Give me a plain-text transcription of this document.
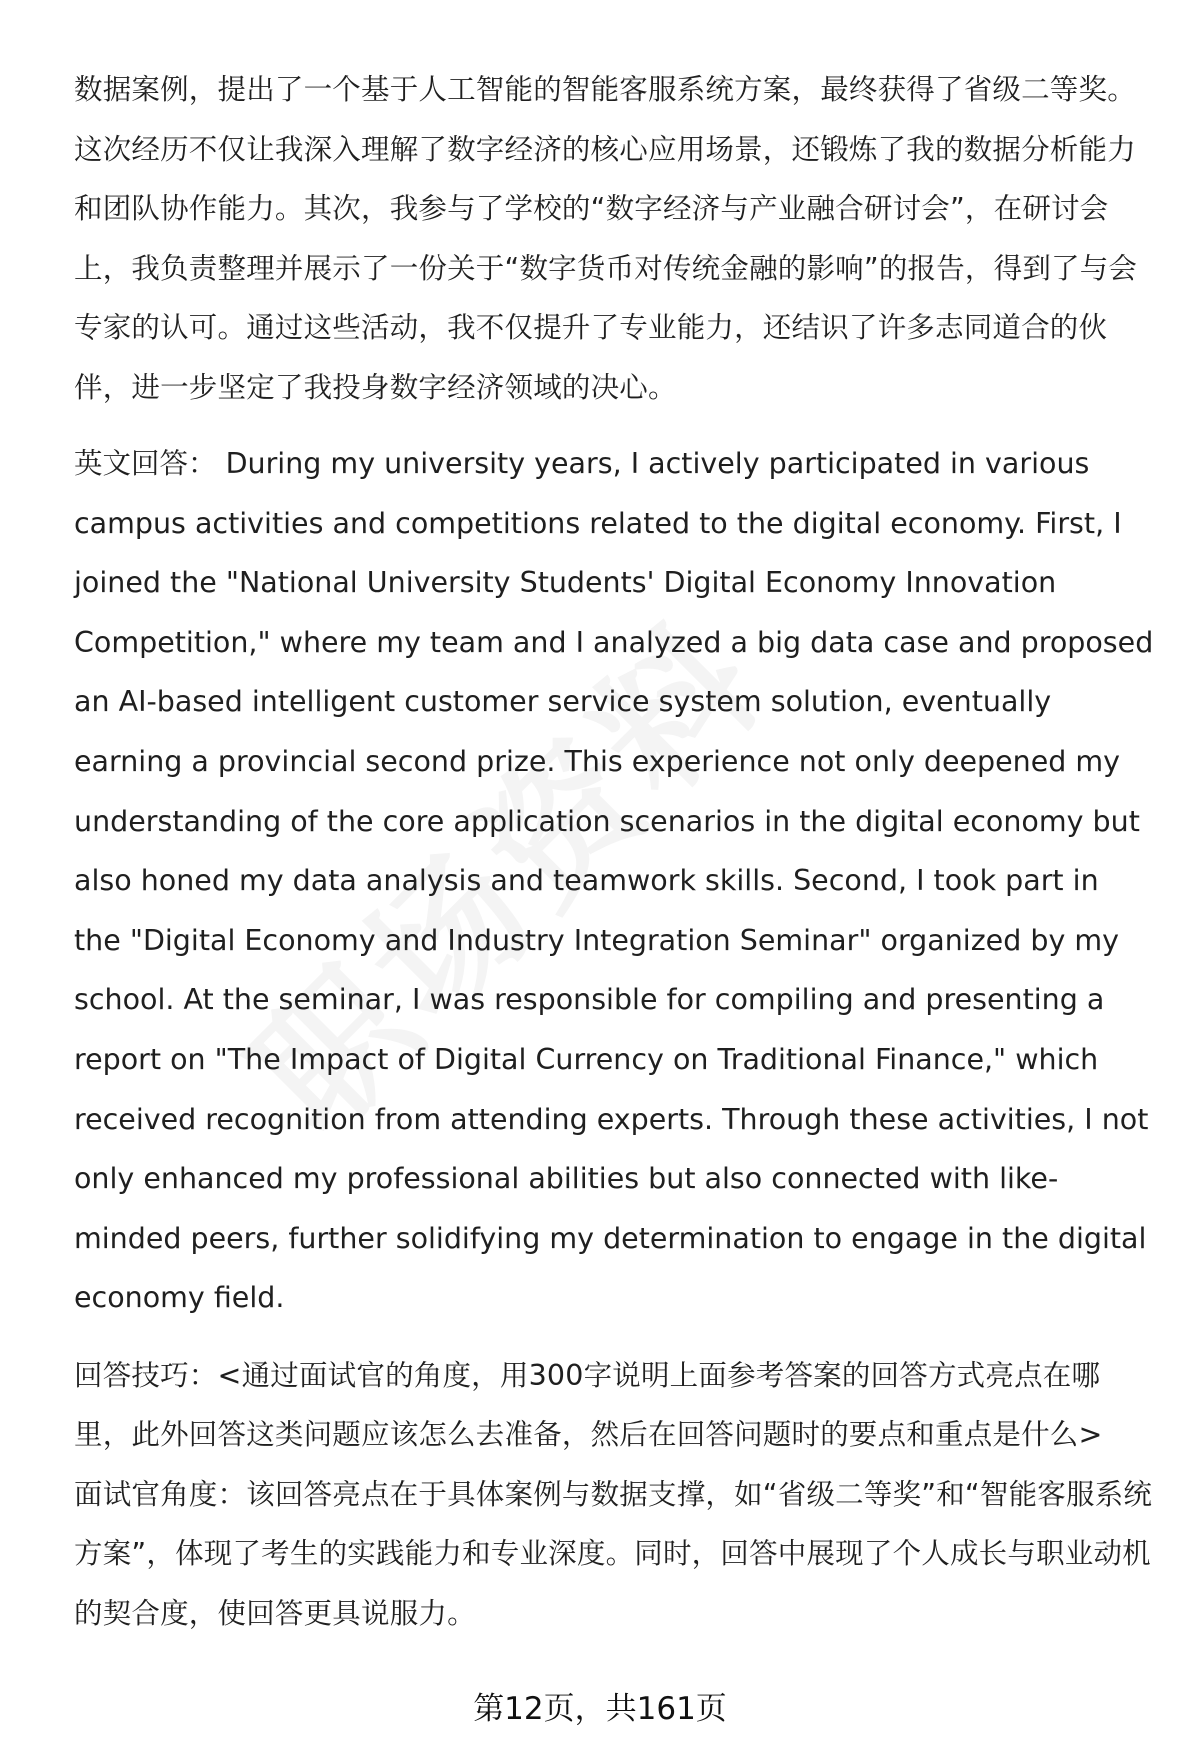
数据案例，提出了一个基于人工智能的智能客服系统方案，最终获得了省级二等奖。这次经历不仅让我深入理解了数字经济的核心应用场景，还锻炼了我的数据分析能力和团队协作能力。其次，我参与了学校的“数字经济与产业融合研讨会”，在研讨会上，我负责整理并展示了一份关于“数字货币对传统金融的影响”的报告，得到了与会专家的认可。通过这些活动，我不仅提升了专业能力，还结识了许多志同道合的伙伴，进一步坚定了我投身数字经济领域的决心。

英文回答： During my university years, I actively participated in various campus activities and competitions related to the digital economy. First, I joined the "National University Students' Digital Economy Innovation Competition," where my team and I analyzed a big data case and proposed an AI-based intelligent customer service system solution, eventually earning a provincial second prize. This experience not only deepened my understanding of the core application scenarios in the digital economy but also honed my data analysis and teamwork skills. Second, I took part in the "Digital Economy and Industry Integration Seminar" organized by my school. At the seminar, I was responsible for compiling and presenting a report on "The Impact of Digital Currency on Traditional Finance," which received recognition from attending experts. Through these activities, I not only enhanced my professional abilities but also connected with like-minded peers, further solidifying my determination to engage in the digital economy field.

回答技巧：<通过面试官的角度，用300字说明上面参考答案的回答方式亮点在哪里，此外回答这类问题应该怎么去准备，然后在回答问题时的要点和重点是什么>

面试官角度：该回答亮点在于具体案例与数据支撑，如“省级二等奖”和“智能客服系统方案”，体现了考生的实践能力和专业深度。同时，回答中展现了个人成长与职业动机的契合度，使回答更具说服力。

第12页，共161页
